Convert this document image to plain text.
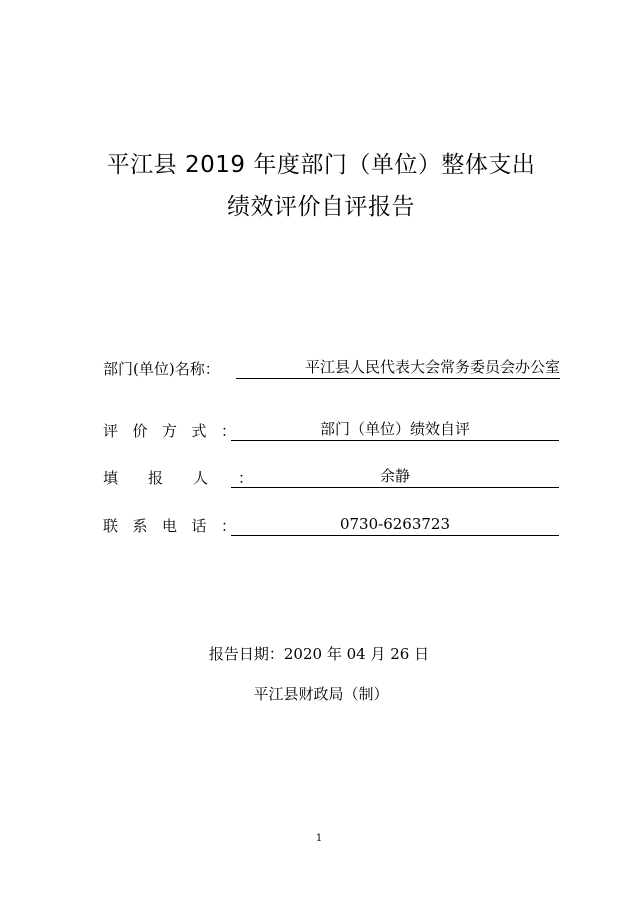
平江县 2019 年度部门（单位）整体支出
绩效评价自评报告
部门(单位)名称：	平江县人民代表大会常务委员会办公室
评价方式：	部门（单位）绩效自评
填报人：	余静
联系电话：	0730-6263723
报告日期：2020 年 04 月 26 日
平江县财政局（制）
1
